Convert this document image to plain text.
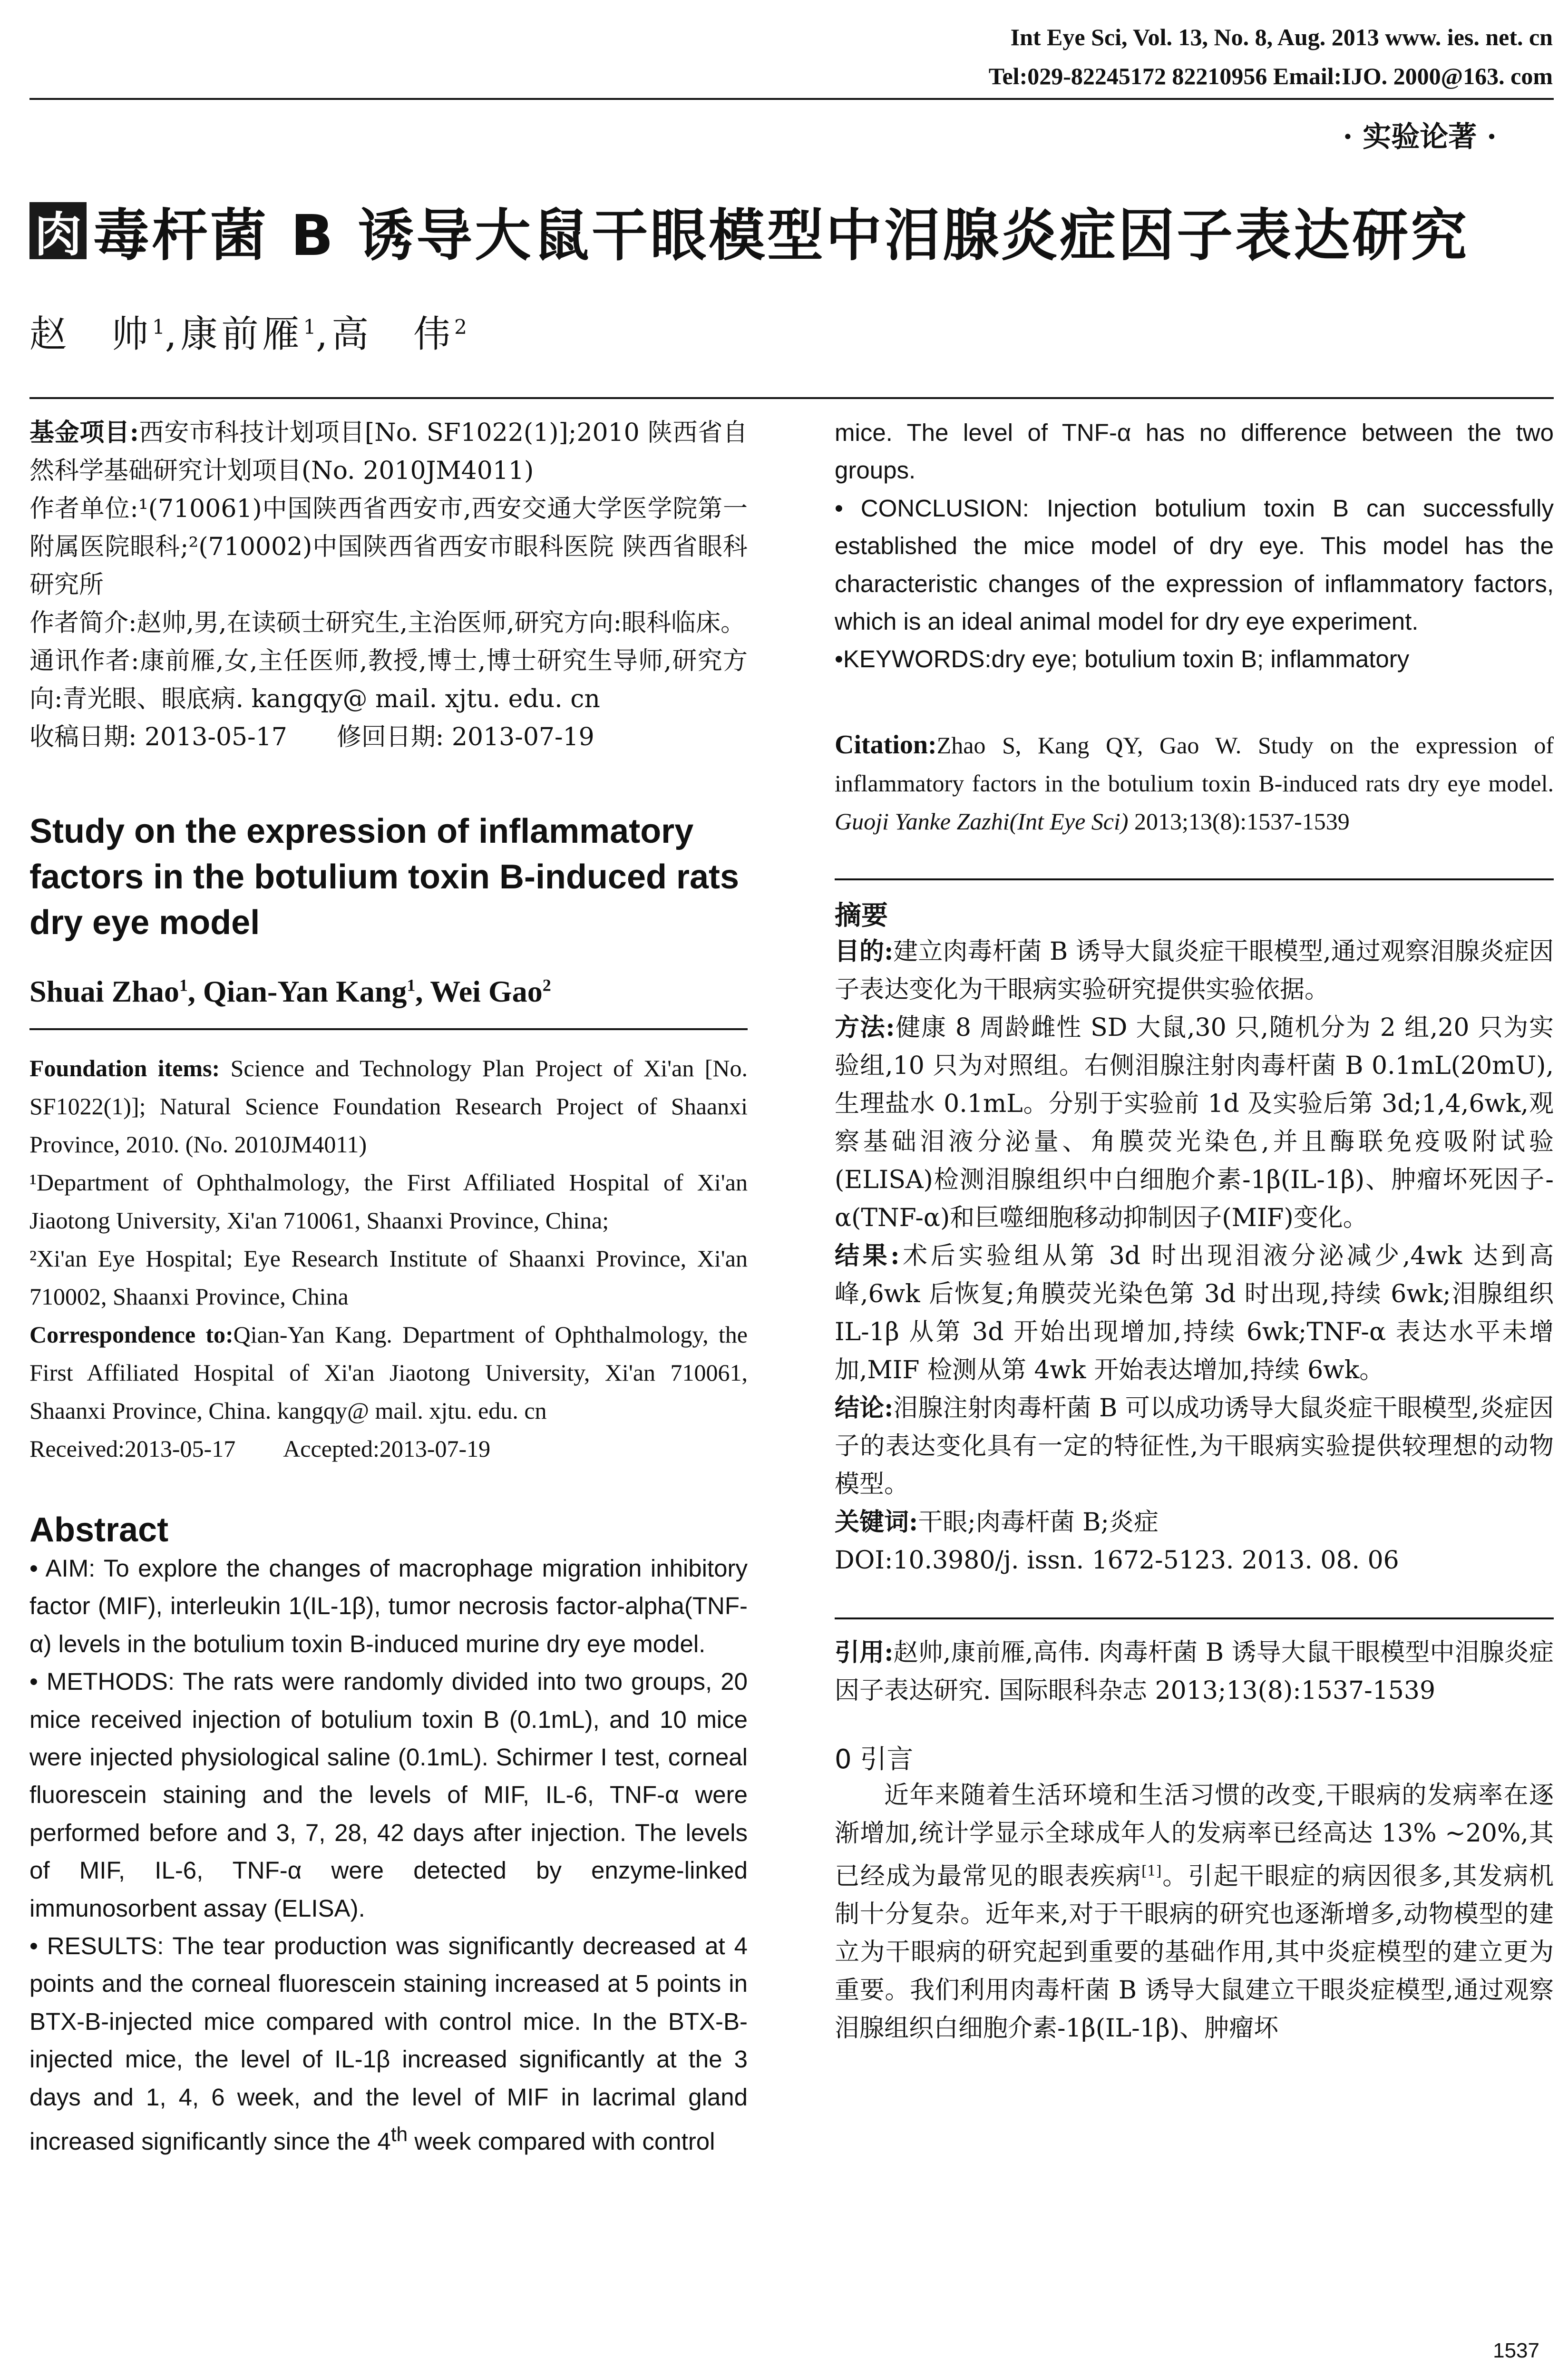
Int Eye Sci, Vol. 13, No. 8, Aug. 2013 www. ies. net. cn
Tel:029-82245172 82210956 Email:IJO. 2000@163. com
· 实验论著 ·
肉 毒杆菌 B 诱导大鼠干眼模型中泪腺炎症因子表达研究
赵　帅$^1$,康前雁$^1$,高　伟$^2$

基金项目:西安市科技计划项目[No. SF1022(1)];2010 陕西省自然科学基础研究计划项目(No. 2010JM4011)

作者单位:¹(710061)中国陕西省西安市,西安交通大学医学院第一附属医院眼科;²(710002)中国陕西省西安市眼科医院 陕西省眼科研究所

作者简介:赵帅,男,在读硕士研究生,主治医师,研究方向:眼科临床。

通讯作者:康前雁,女,主任医师,教授,博士,博士研究生导师,研究方向:青光眼、眼底病. kangqy@ mail. xjtu. edu. cn

收稿日期: 2013-05-17　　修回日期: 2013-07-19

Study on the expression of inflammatory factors in the botulium toxin B-induced rats dry eye model

Shuai Zhao$^1$, Qian-Yan Kang$^1$, Wei Gao$^2$

Foundation items: Science and Technology Plan Project of Xi'an [No. SF1022(1)]; Natural Science Foundation Research Project of Shaanxi Province, 2010. (No. 2010JM4011)

¹Department of Ophthalmology, the First Affiliated Hospital of Xi'an Jiaotong University, Xi'an 710061, Shaanxi Province, China;

²Xi'an Eye Hospital; Eye Research Institute of Shaanxi Province, Xi'an 710002, Shaanxi Province, China

Correspondence to:Qian-Yan Kang. Department of Ophthalmology, the First Affiliated Hospital of Xi'an Jiaotong University, Xi'an 710061, Shaanxi Province, China. kangqy@ mail. xjtu. edu. cn

Received:2013-05-17　　Accepted:2013-07-19

Abstract

• AIM: To explore the changes of macrophage migration inhibitory factor (MIF), interleukin 1(IL-1β), tumor necrosis factor-alpha(TNF-α) levels in the botulium toxin B-induced murine dry eye model.

• METHODS: The rats were randomly divided into two groups, 20 mice received injection of botulium toxin B (0.1mL), and 10 mice were injected physiological saline (0.1mL). Schirmer I test, corneal fluorescein staining and the levels of MIF, IL-6, TNF-α were performed before and 3, 7, 28, 42 days after injection. The levels of MIF, IL-6, TNF-α were detected by enzyme-linked immunosorbent assay (ELISA).

• RESULTS: The tear production was significantly decreased at 4 points and the corneal fluorescein staining increased at 5 points in BTX-B-injected mice compared with control mice. In the BTX-B-injected mice, the level of IL-1β increased significantly at the 3 days and 1, 4, 6 week, and the level of MIF in lacrimal gland increased significantly since the 4th week compared with control

mice. The level of TNF-α has no difference between the two groups.

• CONCLUSION: Injection botulium toxin B can successfully established the mice model of dry eye. This model has the characteristic changes of the expression of inflammatory factors, which is an ideal animal model for dry eye experiment.

•KEYWORDS:dry eye; botulium toxin B; inflammatory

Citation:Zhao S, Kang QY, Gao W. Study on the expression of inflammatory factors in the botulium toxin B-induced rats dry eye model. Guoji Yanke Zazhi(Int Eye Sci) 2013;13(8):1537-1539

摘要

目的:建立肉毒杆菌 B 诱导大鼠炎症干眼模型,通过观察泪腺炎症因子表达变化为干眼病实验研究提供实验依据。

方法:健康 8 周龄雌性 SD 大鼠,30 只,随机分为 2 组,20 只为实验组,10 只为对照组。右侧泪腺注射肉毒杆菌 B 0.1mL(20mU),生理盐水 0.1mL。分别于实验前 1d 及实验后第 3d;1,4,6wk,观察基础泪液分泌量、角膜荧光染色,并且酶联免疫吸附试验(ELISA)检测泪腺组织中白细胞介素-1β(IL-1β)、肿瘤坏死因子-α(TNF-α)和巨噬细胞移动抑制因子(MIF)变化。

结果:术后实验组从第 3d 时出现泪液分泌减少,4wk 达到高峰,6wk 后恢复;角膜荧光染色第 3d 时出现,持续 6wk;泪腺组织 IL-1β 从第 3d 开始出现增加,持续 6wk;TNF-α 表达水平未增加,MIF 检测从第 4wk 开始表达增加,持续 6wk。

结论:泪腺注射肉毒杆菌 B 可以成功诱导大鼠炎症干眼模型,炎症因子的表达变化具有一定的特征性,为干眼病实验提供较理想的动物模型。

关键词:干眼;肉毒杆菌 B;炎症

DOI:10.3980/j. issn. 1672-5123. 2013. 08. 06

引用:赵帅,康前雁,高伟. 肉毒杆菌 B 诱导大鼠干眼模型中泪腺炎症因子表达研究. 国际眼科杂志 2013;13(8):1537-1539

0 引言

近年来随着生活环境和生活习惯的改变,干眼病的发病率在逐渐增加,统计学显示全球成年人的发病率已经高达 13% ~20%,其已经成为最常见的眼表疾病[1]。引起干眼症的病因很多,其发病机制十分复杂。近年来,对于干眼病的研究也逐渐增多,动物模型的建立为干眼病的研究起到重要的基础作用,其中炎症模型的建立更为重要。我们利用肉毒杆菌 B 诱导大鼠建立干眼炎症模型,通过观察泪腺组织白细胞介素-1β(IL-1β)、肿瘤坏

1537
